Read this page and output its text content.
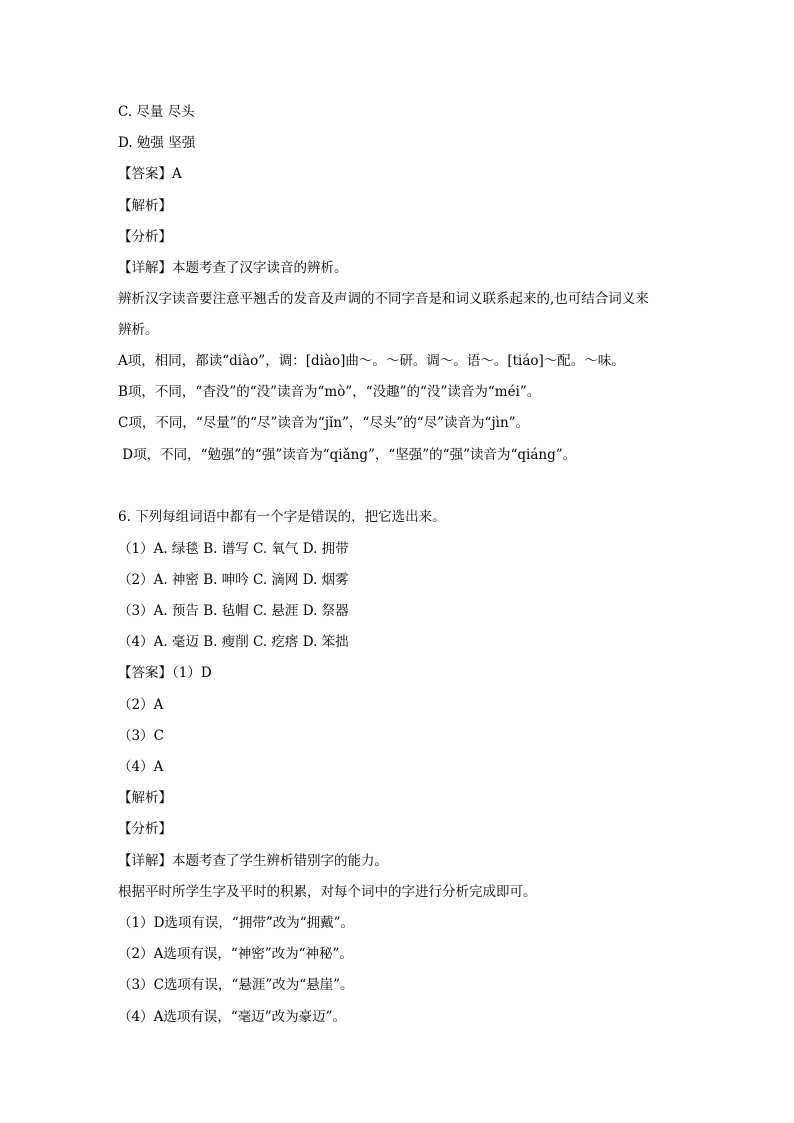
C. 尽量 尽头
D. 勉强 坚强
【答案】A
【解析】
【分析】
【详解】本题考查了汉字读音的辨析。
辨析汉字读音要注意平翘舌的发音及声调的不同字音是和词义联系起来的,也可结合词义来
辨析。
A项，相同，都读“diào”，调：[diào]曲～。～研。调～。语～。[tiáo]～配。～味。
B项，不同，“杳没”的“没”读音为“mò”，“没趣”的“没”读音为“méi”。
C项，不同，“尽量”的“尽”读音为“jǐn”，“尽头”的“尽”读音为“jìn”。
D项，不同，“勉强”的“强”读音为“qiǎng”，“坚强”的“强”读音为“qiáng”。
6. 下列每组词语中都有一个字是错误的，把它选出来。
（1）A. 绿毯 B. 谱写 C. 氧气 D. 拥带
（2）A. 神密 B. 呻吟 C. 滴网 D. 烟雾
（3）A. 预告 B. 毡帽 C. 悬涯 D. 祭器
（4）A. 毫迈 B. 瘦削 C. 疙瘩 D. 笨拙
【答案】（1）D
（2）A
（3）C
（4）A
【解析】
【分析】
【详解】本题考查了学生辨析错别字的能力。
根据平时所学生字及平时的积累，对每个词中的字进行分析完成即可。
（1）D选项有误，“拥带”改为“拥戴”。
（2）A选项有误，“神密”改为“神秘”。
（3）C选项有误，“悬涯”改为“悬崖”。
（4）A选项有误，“毫迈”改为豪迈”。
